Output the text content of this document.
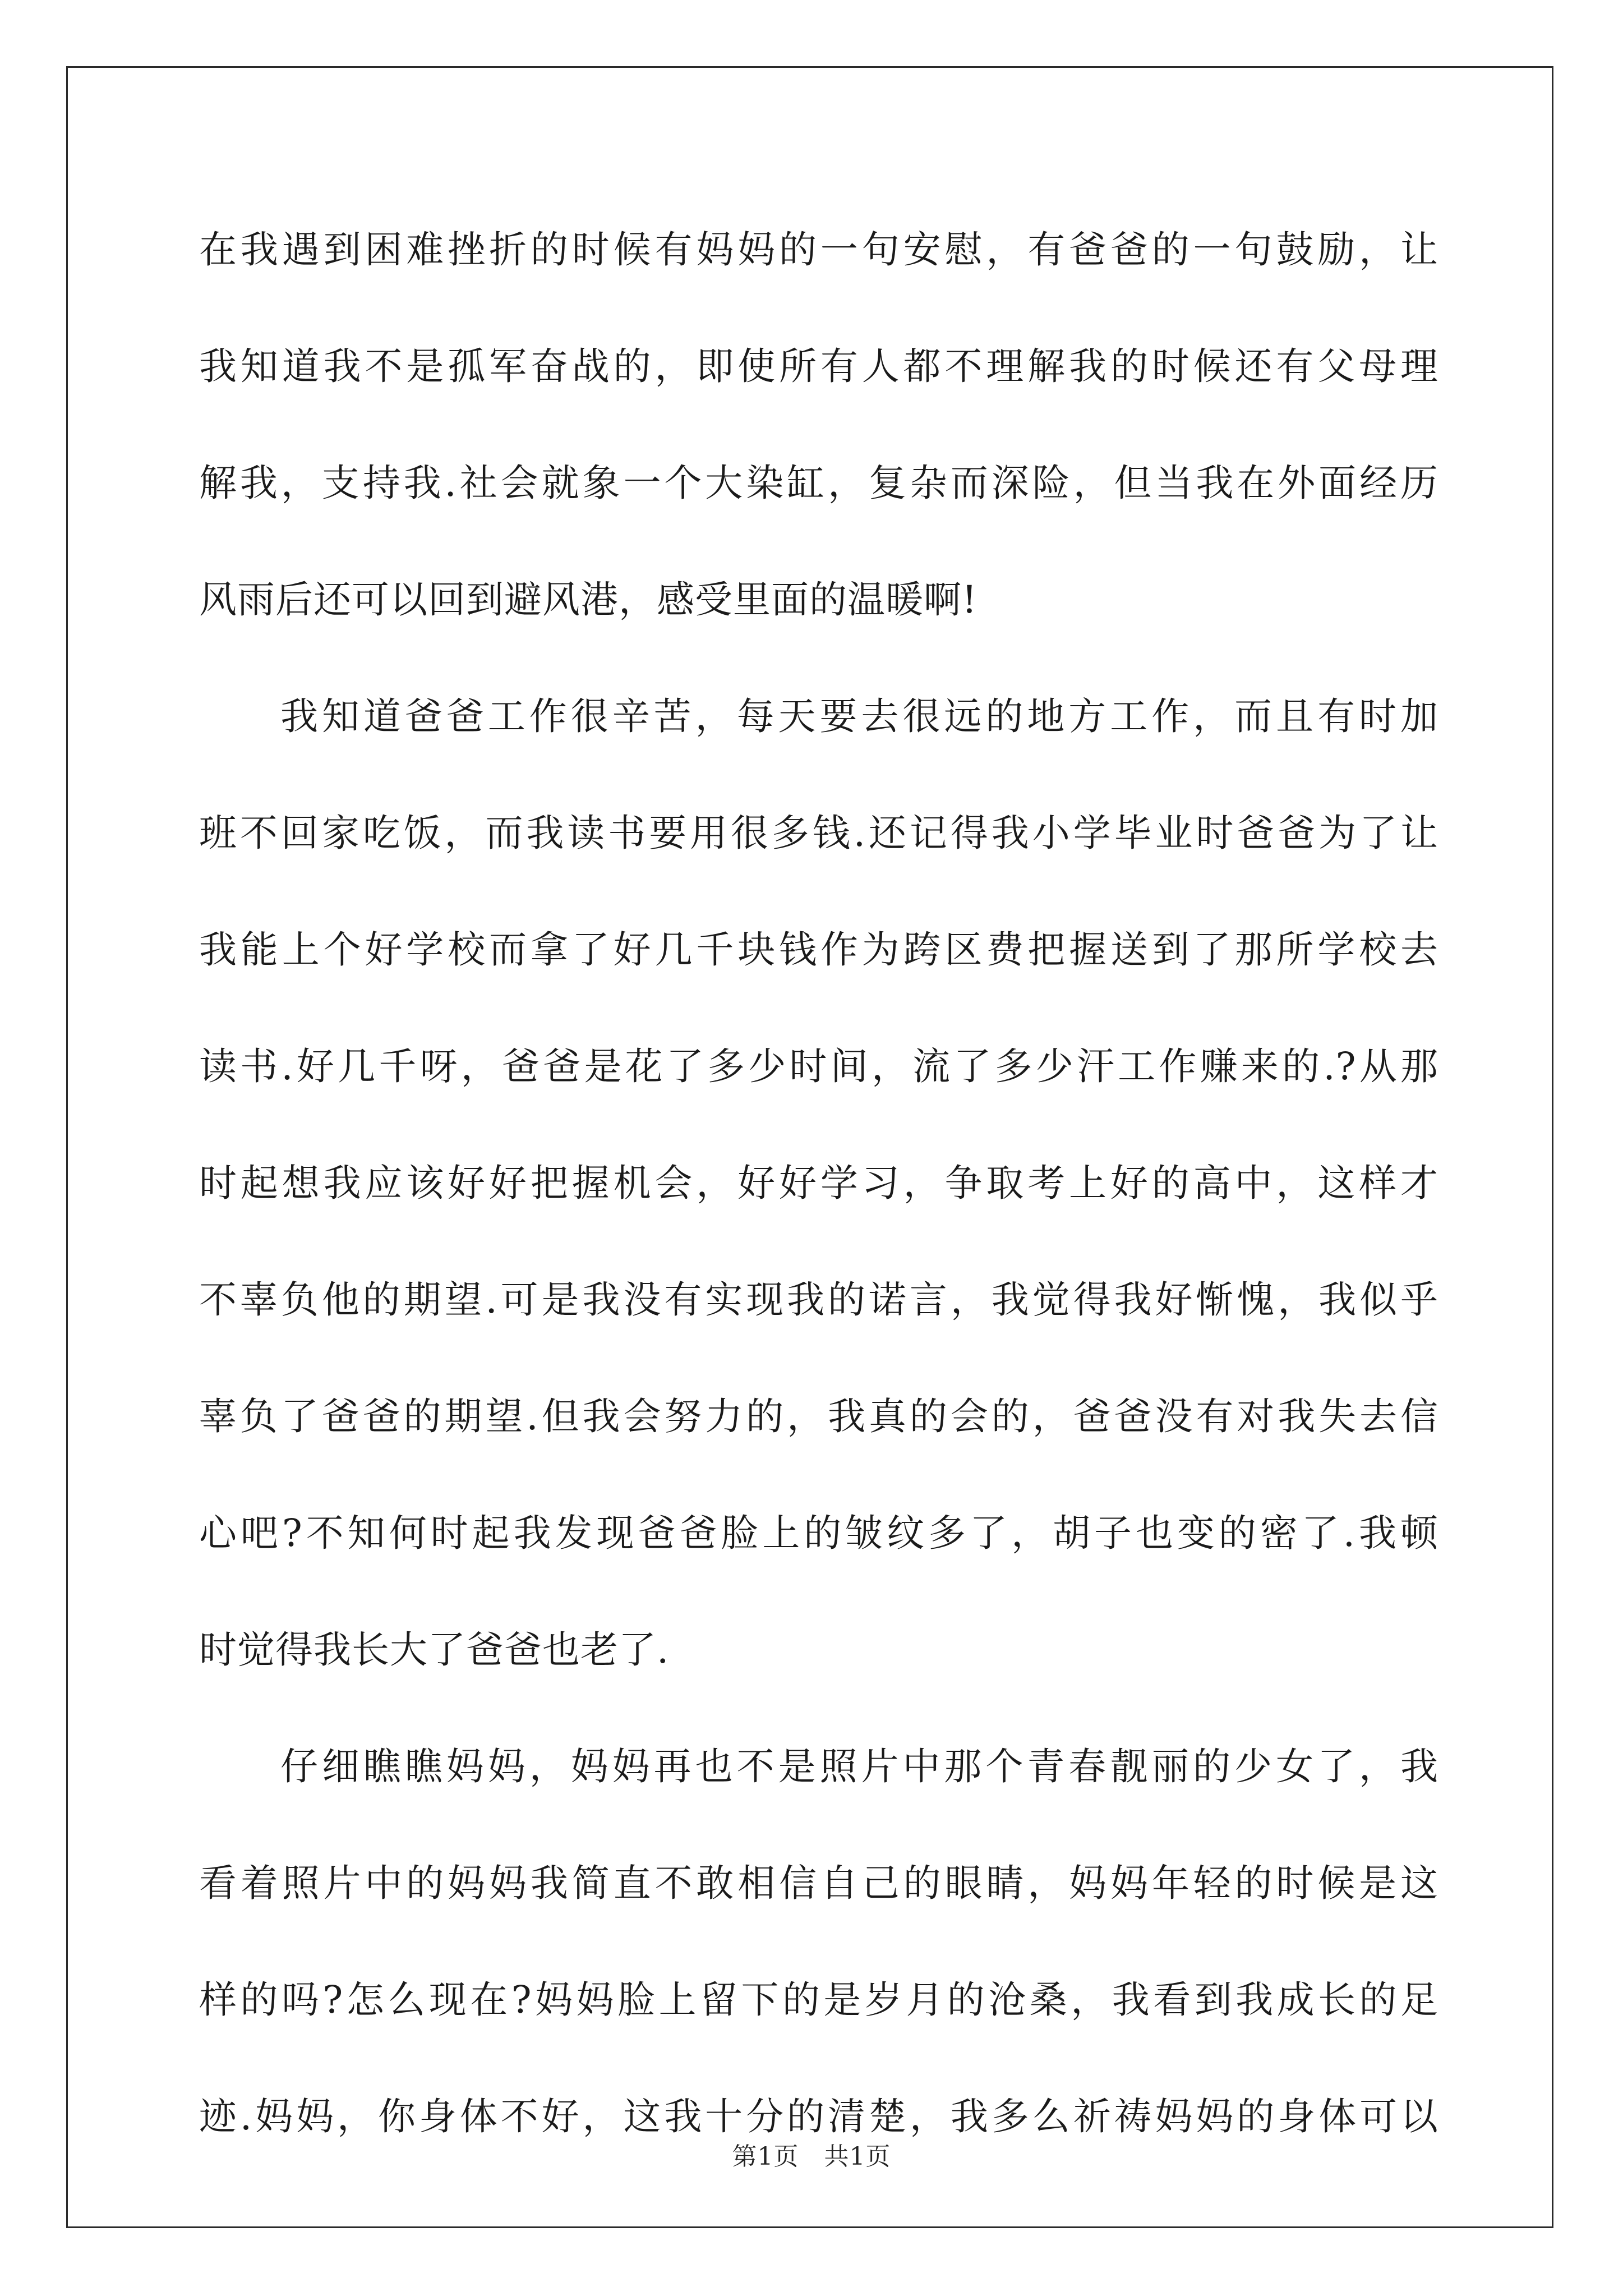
在我遇到困难挫折的时候有妈妈的一句安慰，有爸爸的一句鼓励，让
我知道我不是孤军奋战的，即使所有人都不理解我的时候还有父母理
解我，支持我.社会就象一个大染缸，复杂而深险，但当我在外面经历
风雨后还可以回到避风港，感受里面的温暖啊!
我知道爸爸工作很辛苦，每天要去很远的地方工作，而且有时加
班不回家吃饭，而我读书要用很多钱.还记得我小学毕业时爸爸为了让
我能上个好学校而拿了好几千块钱作为跨区费把握送到了那所学校去
读书.好几千呀，爸爸是花了多少时间，流了多少汗工作赚来的.?从那
时起想我应该好好把握机会，好好学习，争取考上好的高中，这样才
不辜负他的期望.可是我没有实现我的诺言，我觉得我好惭愧，我似乎
辜负了爸爸的期望.但我会努力的，我真的会的，爸爸没有对我失去信
心吧?不知何时起我发现爸爸脸上的皱纹多了，胡子也变的密了.我顿
时觉得我长大了爸爸也老了.
仔细瞧瞧妈妈，妈妈再也不是照片中那个青春靓丽的少女了，我
看着照片中的妈妈我简直不敢相信自己的眼睛，妈妈年轻的时候是这
样的吗?怎么现在?妈妈脸上留下的是岁月的沧桑，我看到我成长的足
迹.妈妈，你身体不好，这我十分的清楚，我多么祈祷妈妈的身体可以
第1页　共1页
